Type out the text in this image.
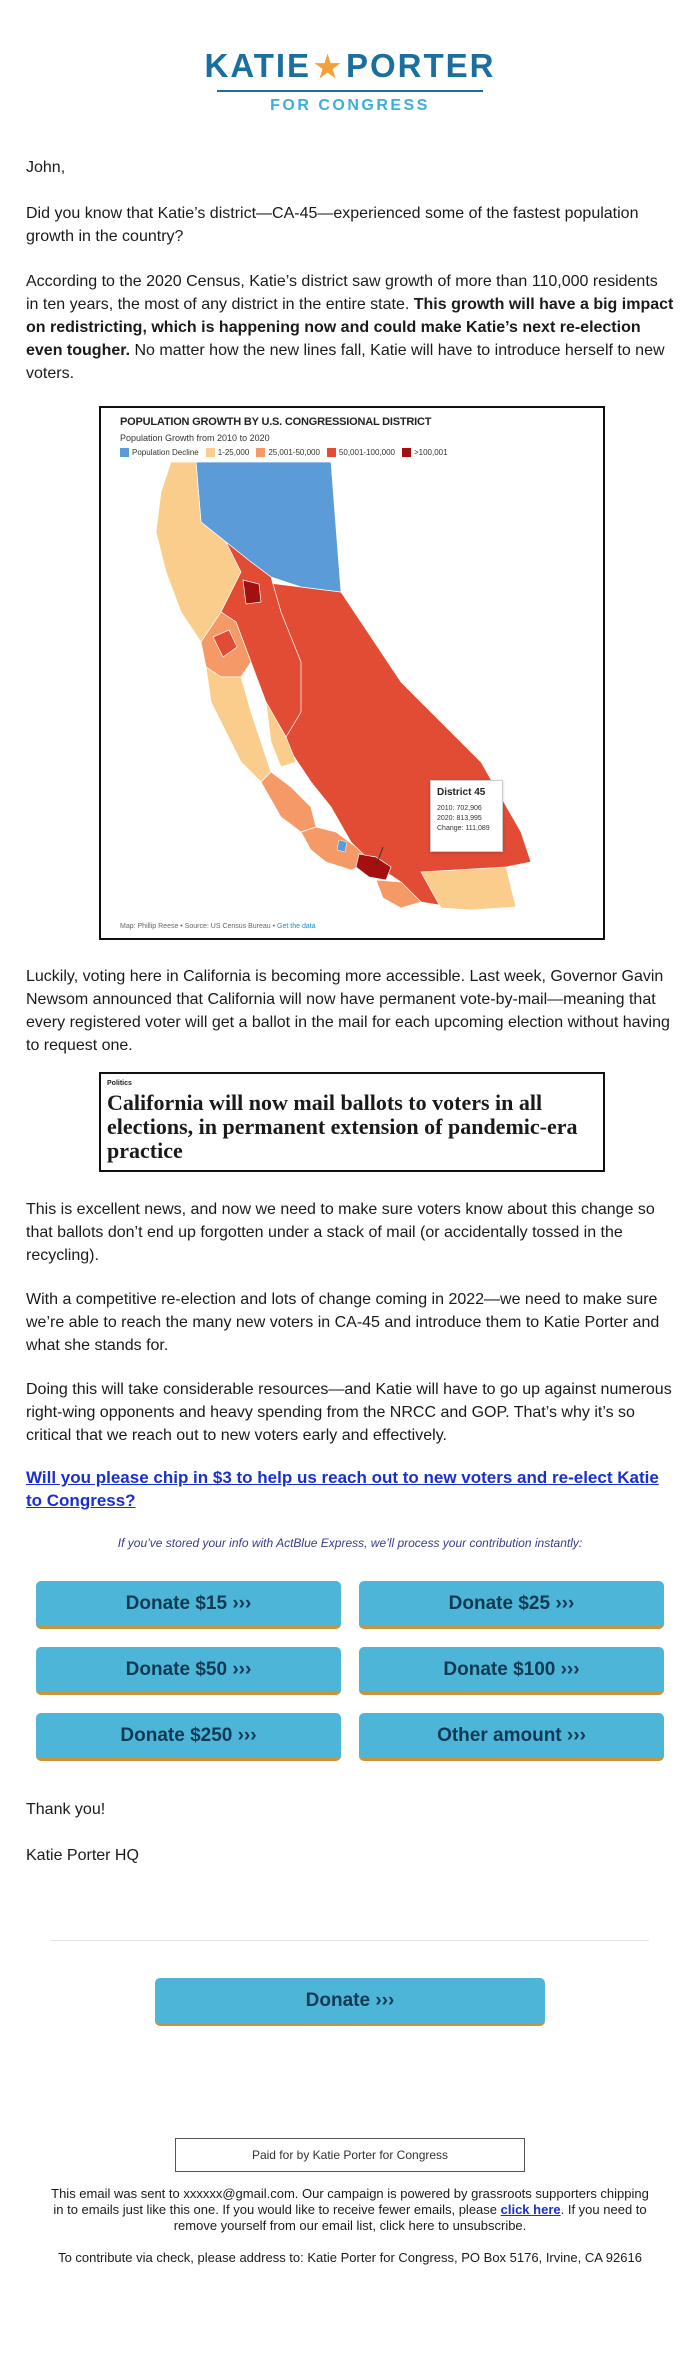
KATIE ★PORTER
FOR CONGRESS

John,

Did you know that Katie’s district—CA-45—experienced some of the fastest population growth in the country?

According to the 2020 Census, Katie’s district saw growth of more than 110,000 residents in ten years, the most of any district in the entire state. This growth will have a big impact on redistricting, which is happening now and could make Katie’s next re-election even tougher. No matter how the new lines fall, Katie will have to introduce herself to new voters.

POPULATION GROWTH BY U.S. CONGRESSIONAL DISTRICT
Population Growth from 2010 to 2020
Population Decline 1-25,000 25,001-50,000 50,001-100,000 >100,001
District 45
2010: 702,906
2020: 813,995
Change: 111,089
Map: Phillip Reese • Source: US Census Bureau • Get the data

Luckily, voting here in California is becoming more accessible. Last week, Governor Gavin Newsom announced that California will now have permanent vote-by-mail—meaning that every registered voter will get a ballot in the mail for each upcoming election without having to request one.

Politics
California will now mail ballots to voters in all elections, in permanent extension of pandemic-era practice

This is excellent news, and now we need to make sure voters know about this change so that ballots don’t end up forgotten under a stack of mail (or accidentally tossed in the recycling).

With a competitive re-election and lots of change coming in 2022—we need to make sure we’re able to reach the many new voters in CA-45 and introduce them to Katie Porter and what she stands for.

Doing this will take considerable resources—and Katie will have to go up against numerous right-wing opponents and heavy spending from the NRCC and GOP. That’s why it’s so critical that we reach out to new voters early and effectively.

Will you please chip in $3 to help us reach out to new voters and re-elect Katie to Congress?
If you’ve stored your info with ActBlue Express, we’ll process your contribution instantly:
Donate $15 ›››	Donate $25 ›››
Donate $50 ›››	Donate $100 ›››
Donate $250 ›››	Other amount ›››

Thank you!

Katie Porter HQ

Donate ›››
Paid for by Katie Porter for Congress
This email was sent to xxxxxx@gmail.com. Our campaign is powered by grassroots supporters chipping in to emails just like this one. If you would like to receive fewer emails, please click here. If you need to remove yourself from our email list, click here to unsubscribe.
To contribute via check, please address to: Katie Porter for Congress, PO Box 5176, Irvine, CA 92616
